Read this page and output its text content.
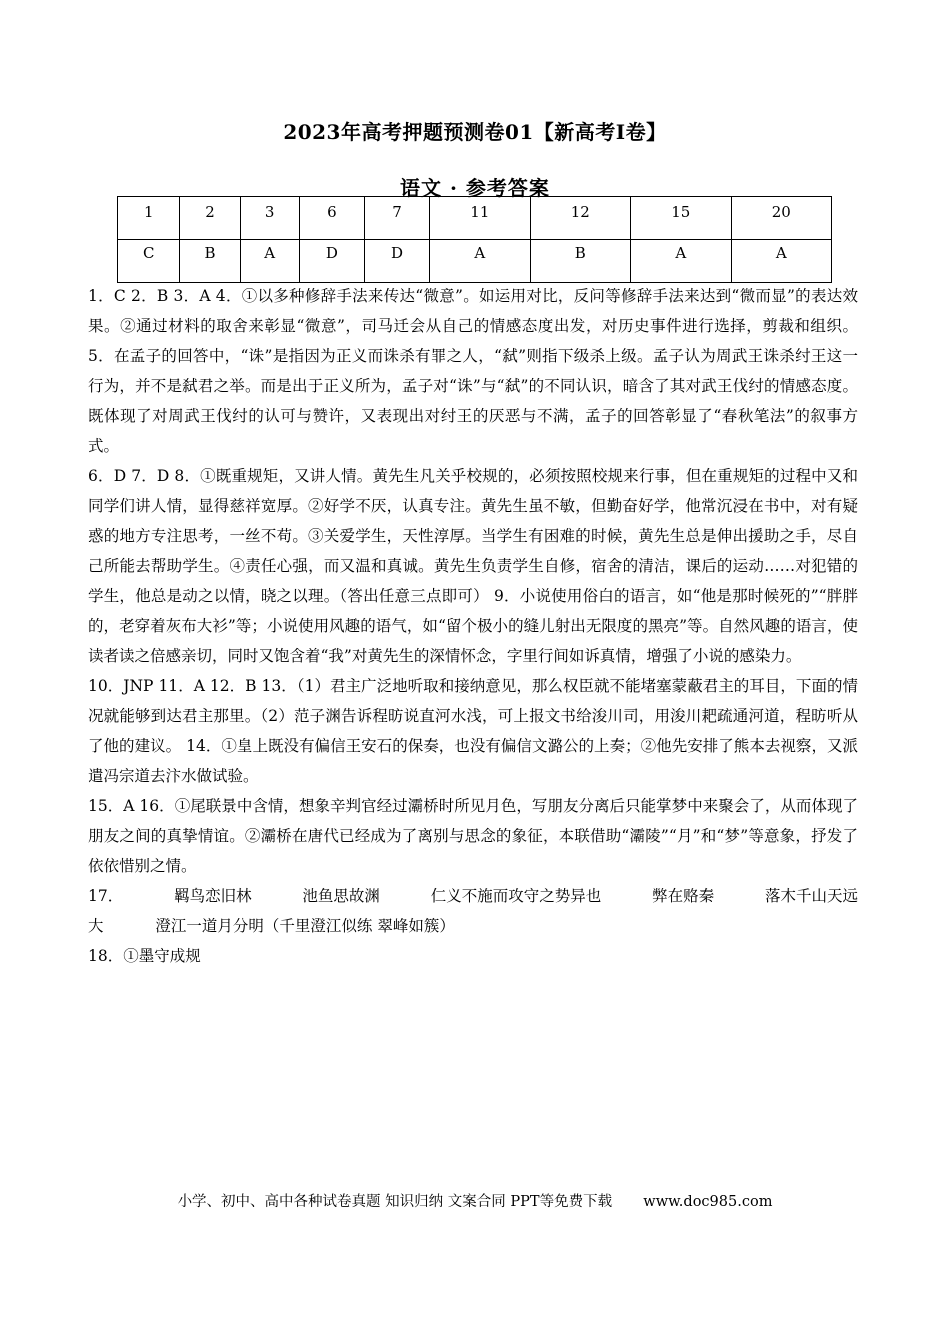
2023年高考押题预测卷01【新高考Ⅰ卷】
语文 · 参考答案
1	2	3	6	7	11	12	15	20
C	B	A	D	D	A	B	A	A

1．C 2．B 3．A 4．①以多种修辞手法来传达“微意”。如运用对比，反问等修辞手法来达到“微而显”的表达效果。②通过材料的取舍来彰显“微意”，司马迁会从自己的情感态度出发，对历史事件进行选择，剪裁和组织。 5．在孟子的回答中，“诛”是指因为正义而诛杀有罪之人，“弑”则指下级杀上级。孟子认为周武王诛杀纣王这一行为，并不是弑君之举。而是出于正义所为，孟子对“诛”与“弑”的不同认识，暗含了其对武王伐纣的情感态度。既体现了对周武王伐纣的认可与赞许，又表现出对纣王的厌恶与不满，孟子的回答彰显了“春秋笔法”的叙事方式。

6．D 7．D 8．①既重规矩，又讲人情。黄先生凡关乎校规的，必须按照校规来行事，但在重规矩的过程中又和同学们讲人情，显得慈祥宽厚。②好学不厌，认真专注。黄先生虽不敏，但勤奋好学，他常沉浸在书中，对有疑惑的地方专注思考，一丝不苟。③关爱学生，天性淳厚。当学生有困难的时候，黄先生总是伸出援助之手，尽自己所能去帮助学生。④责任心强，而又温和真诚。黄先生负责学生自修，宿舍的清洁，课后的运动……对犯错的学生，他总是动之以情，晓之以理。（答出任意三点即可） 9．小说使用俗白的语言，如“他是那时候死的”“胖胖的，老穿着灰布大衫”等；小说使用风趣的语气，如“留个极小的缝儿射出无限度的黑亮”等。自然风趣的语言，使读者读之倍感亲切，同时又饱含着“我”对黄先生的深情怀念，字里行间如诉真情，增强了小说的感染力。

10．JNP 11．A 12．B 13．（1）君主广泛地听取和接纳意见，那么权臣就不能堵塞蒙蔽君主的耳目，下面的情况就能够到达君主那里。（2）范子渊告诉程昉说直河水浅，可上报文书给浚川司，用浚川耙疏通河道，程昉听从了他的建议。 14．①皇上既没有偏信王安石的保奏，也没有偏信文潞公的上奏；②他先安排了熊本去视察，又派遣冯宗道去汴水做试验。

15．A 16．①尾联景中含情，想象辛判官经过灞桥时所见月色，写朋友分离后只能掌梦中来聚会了，从而体现了朋友之间的真挚情谊。②灞桥在唐代已经成为了离别与思念的象征，本联借助“灞陵”“月”和“梦”等意象，抒发了依依惜别之情。

17．	羁鸟恋旧林	池鱼思故渊	仁义不施而攻守之势异也	弊在赂秦	落木千山天远

大	澄江一道月分明（千里澄江似练 翠峰如簇）

18．①墨守成规

小学、初中、高中各种试卷真题 知识归纳 文案合同 PPT等免费下载 www.doc985.com
